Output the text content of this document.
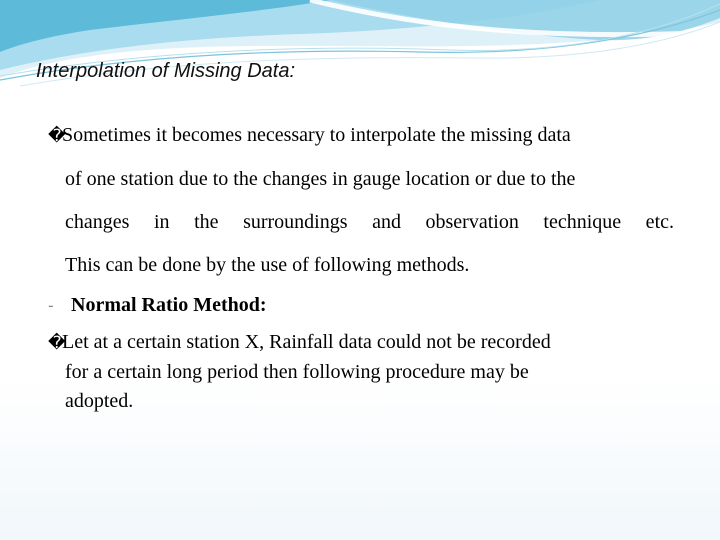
Interpolation of Missing Data:
�Sometimes it becomes necessary to interpolate the missing data
of one station due to the changes in gauge location or due to the
changes in the surroundings and observation technique etc.
This can be done by the use of following methods.
- Normal Ratio Method:
�Let at a certain station X, Rainfall data could not be recorded
for a certain long period then following procedure may be
adopted.
